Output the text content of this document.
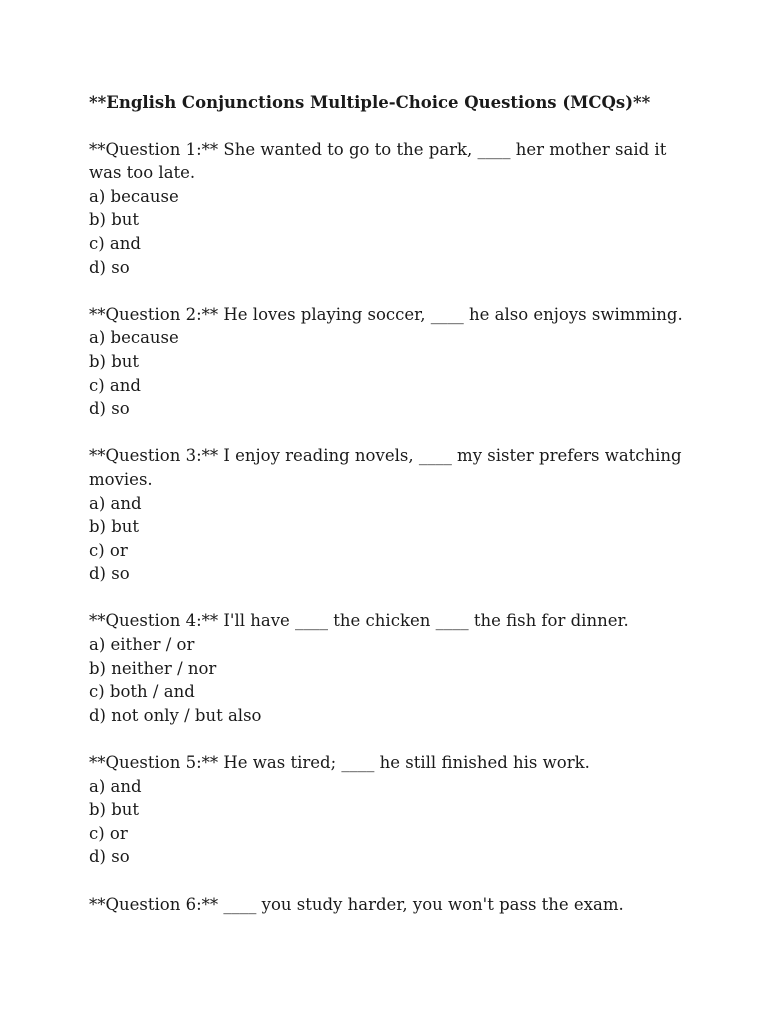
**English Conjunctions Multiple-Choice Questions (MCQs)**
**Question 1:** She wanted to go to the park, ____ her mother said it was too late.
a) because
b) but
c) and
d) so
**Question 2:** He loves playing soccer, ____ he also enjoys swimming.
a) because
b) but
c) and
d) so
**Question 3:** I enjoy reading novels, ____ my sister prefers watching movies.
a) and
b) but
c) or
d) so
**Question 4:** I'll have ____ the chicken ____ the fish for dinner.
a) either / or
b) neither / nor
c) both / and
d) not only / but also
**Question 5:** He was tired; ____ he still finished his work.
a) and
b) but
c) or
d) so
**Question 6:** ____ you study harder, you won't pass the exam.
